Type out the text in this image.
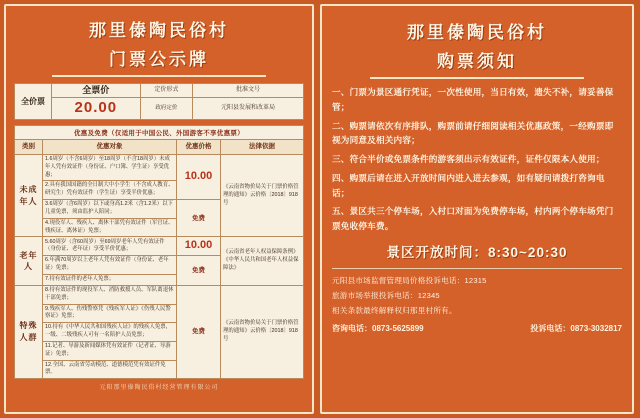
那里傣陶民俗村
门票公示牌
全价票	全票价	定价形式	批准文号
	20.00	政府定价	元阳县发展和改革局
优惠及免费（仅适用于中国公民、外国游客不享优惠票）
类别	优惠对象	优惠价格	法律依据
未成年人	1.6周岁（不含6周岁）至18周岁（不含18周岁）未成年人凭有效证件（身份证、户口簿、学生证）享受优惠；	10.00	《云南省物价局关于门票价格管理的通知》云价格〔2018〕918号
	2.具有我国国籍的全日制大中小学生（不含成人教育、研究生）凭有效证件（学生证）享受半价优惠；		
	3.6周岁（含6周岁）以下或身高1.2米（含1.2米）以下儿童免票，须由监护人陪同；	免费	
	4.现役军人、残疾人、离休干部凭有效证件（军官证、残疾证、离休证）免票；		
老年人	5.60周岁（含60周岁）至69周岁老年人凭有效证件（身份证、老年证）享受半价优惠；	10.00	《云南省老年人权益保障条例》《中华人民共和国老年人权益保障法》
	6.年满70周岁以上老年人凭有效证件（身份证、老年证）免票；	免费	
	7.持有效证件的老年人免票；		
特殊人群	8.持有效证件的现役军人、消防救援人员、军队离退休干部免票；	免费	《云南省物价局关于门票价格管理的通知》云价格〔2018〕918号
	9.残疾军人、伤残警察凭《残疾军人证》《伤残人民警察证》免票；		
	10.持有《中华人民共和国残疾人证》的残疾人免票，一级、二级残疾人可有一名陪护人员免票；		
	11.记者、导游及新闻媒体凭有效证件（记者证、导游证）免票；		
	12.全国、云南省劳动模范、道德模范凭有效证件免票。		
元阳那里傣陶民俗村经营管理有限公司
那里傣陶民俗村
购票须知

一、门票为景区通行凭证，一次性使用，当日有效，遗失不补，请妥善保管；

二、购票请依次有序排队，购票前请仔细阅读相关优惠政策，一经购票即视为同意及相关内容；

三、符合半价或免票条件的游客须出示有效证件，证件仅限本人使用；

四、购票后请在进入开放时间内进入进去参观，如有疑问请拨打咨询电话；

五、景区共三个停车场，入村口对面为免费停车场，村内两个停车场凭门票免收停车费。

景区开放时间：8:30~20:30
元阳县市场监督管理局价格投诉电话：12315
旅游市场举报投诉电话：12345
相关条款最终解释权归那里村所有。
咨询电话：0873-5625899	投诉电话：0873-3032817
